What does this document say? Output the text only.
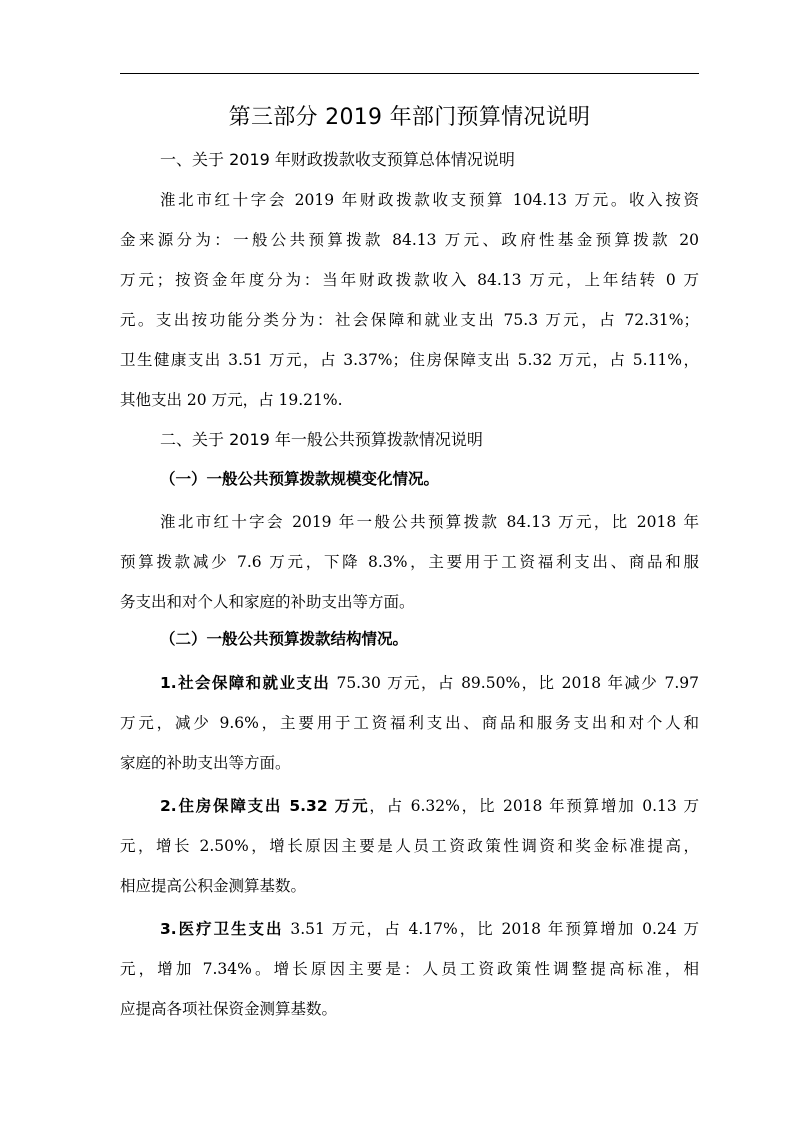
第三部分 2019 年部门预算情况说明
一、关于 2019 年财政拨款收支预算总体情况说明
淮北市红十字会 2019 年财政拨款收支预算 104.13 万元。收入按资
金来源分为：一般公共预算拨款 84.13 万元、政府性基金预算拨款 20
万元；按资金年度分为：当年财政拨款收入 84.13 万元，上年结转 0 万
元。支出按功能分类分为：社会保障和就业支出 75.3 万元，占 72.31%；
卫生健康支出 3.51 万元，占 3.37%；住房保障支出 5.32 万元，占 5.11%，
其他支出 20 万元，占 19.21%.
二、关于 2019 年一般公共预算拨款情况说明
（一）一般公共预算拨款规模变化情况。
淮北市红十字会 2019 年一般公共预算拨款 84.13 万元，比 2018 年
预算拨款减少 7.6 万元，下降 8.3%，主要用于工资福利支出、商品和服
务支出和对个人和家庭的补助支出等方面。
（二）一般公共预算拨款结构情况。
1.社会保障和就业支出 75.30 万元，占 89.50%，比 2018 年减少 7.97
万元，减少 9.6%，主要用于工资福利支出、商品和服务支出和对个人和
家庭的补助支出等方面。
2.住房保障支出 5.32 万元，占 6.32%，比 2018 年预算增加 0.13 万
元，增长 2.50%，增长原因主要是人员工资政策性调资和奖金标准提高，
相应提高公积金测算基数。
3.医疗卫生支出 3.51 万元，占 4.17%，比 2018 年预算增加 0.24 万
元，增加 7.34%。增长原因主要是：人员工资政策性调整提高标准，相
应提高各项社保资金测算基数。
